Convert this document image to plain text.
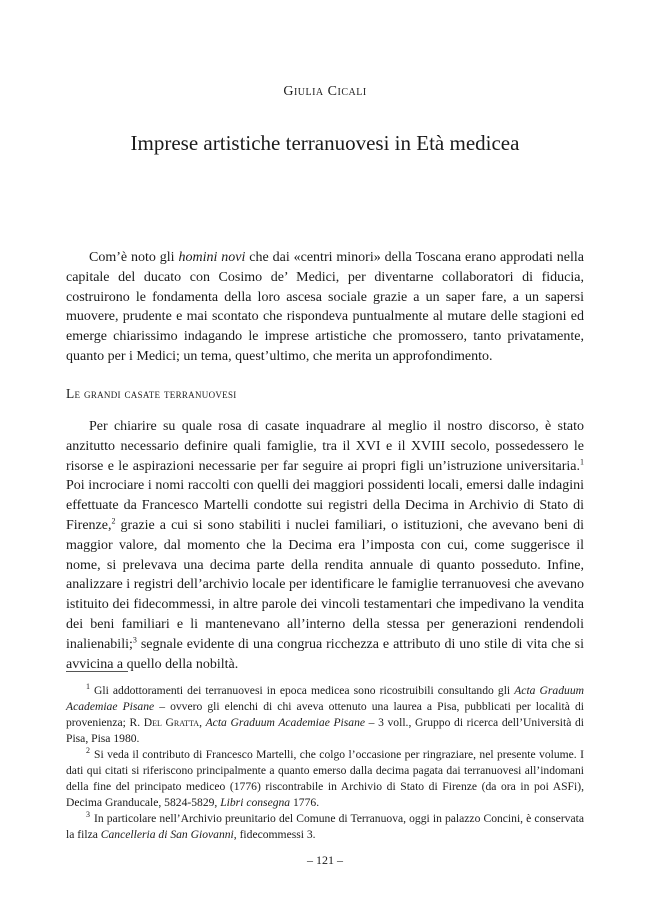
Giulia Cicali
Imprese artistiche terranuovesi in Età medicea

Com’è noto gli homini novi che dai «centri minori» della Toscana erano approdati nella capitale del ducato con Cosimo de’ Medici, per diventarne collaboratori di fiducia, costruirono le fondamenta della loro ascesa sociale grazie a un saper fare, a un sapersi muovere, prudente e mai scontato che rispondeva puntualmente al mutare delle stagioni ed emerge chiarissimo indagando le imprese artistiche che promossero, tanto privatamente, quanto per i Medici; un tema, quest’ultimo, che merita un approfondimento.

Le grandi casate terranuovesi

Per chiarire su quale rosa di casate inquadrare al meglio il nostro discorso, è stato anzitutto necessario definire quali famiglie, tra il XVI e il XVIII secolo, possedessero le risorse e le aspirazioni necessarie per far seguire ai propri figli un’istruzione universitaria.$^1$ Poi incrociare i nomi raccolti con quelli dei maggiori possidenti locali, emersi dalle indagini effettuate da Francesco Martelli condotte sui registri della Decima in Archivio di Stato di Firenze,$^2$ grazie a cui si sono stabiliti i nuclei familiari, o istituzioni, che avevano beni di maggior valore, dal momento che la Decima era l’imposta con cui, come suggerisce il nome, si prelevava una decima parte della rendita annuale di quanto posseduto. Infine, analizzare i registri dell’archivio locale per identificare le famiglie terranuovesi che avevano istituito dei fidecommessi, in altre parole dei vincoli testamentari che impedivano la vendita dei beni familiari e li mantenevano all’interno della stessa per generazioni rendendoli inalienabili;$^3$ segnale evidente di una congrua ricchezza e attributo di uno stile di vita che si avvicina a quello della nobiltà.

$^1$ Gli addottoramenti dei terranuovesi in epoca medicea sono ricostruibili consultando gli Acta Graduum Academiae Pisane – ovvero gli elenchi di chi aveva ottenuto una laurea a Pisa, pubblicati per località di provenienza; R. Del Gratta, Acta Graduum Academiae Pisane – 3 voll., Gruppo di ricerca dell’Università di Pisa, Pisa 1980.

$^2$ Si veda il contributo di Francesco Martelli, che colgo l’occasione per ringraziare, nel presente volume. I dati qui citati si riferiscono principalmente a quanto emerso dalla decima pagata dai terranuovesi all’indomani della fine del principato mediceo (1776) riscontrabile in Archivio di Stato di Firenze (da ora in poi ASFi), Decima Granducale, 5824-5829, Libri consegna 1776.

$^3$ In particolare nell’Archivio preunitario del Comune di Terranuova, oggi in palazzo Concini, è conservata la filza Cancelleria di San Giovanni, fidecommessi 3.

– 121 –
